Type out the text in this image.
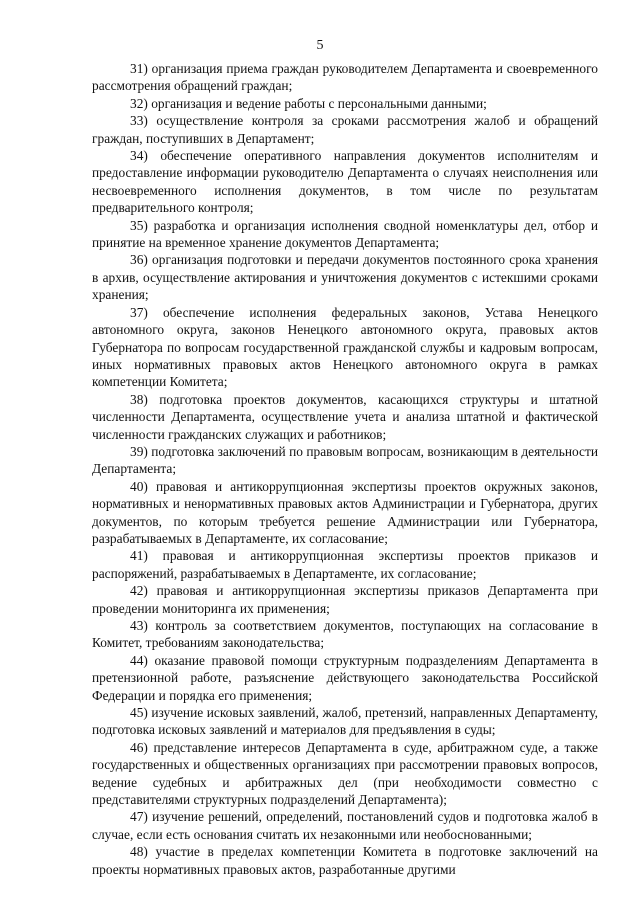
5

31) организация приема граждан руководителем Департамента и своевременного рассмотрения обращений граждан;

32) организация и ведение работы с персональными данными;

33) осуществление контроля за сроками рассмотрения жалоб и обращений граждан, поступивших в Департамент;

34) обеспечение оперативного направления документов исполнителям и предоставление информации руководителю Департамента о случаях неисполнения или несвоевременного исполнения документов, в том числе по результатам предварительного контроля;

35) разработка и организация исполнения сводной номенклатуры дел, отбор и принятие на временное хранение документов Департамента;

36) организация подготовки и передачи документов постоянного срока хранения в архив, осуществление актирования и уничтожения документов с истекшими сроками хранения;

37) обеспечение исполнения федеральных законов, Устава Ненецкого автономного округа, законов Ненецкого автономного округа, правовых актов Губернатора по вопросам государственной гражданской службы и кадровым вопросам, иных нормативных правовых актов Ненецкого автономного округа в рамках компетенции Комитета;

38) подготовка проектов документов, касающихся структуры и штатной численности Департамента, осуществление учета и анализа штатной и фактической численности гражданских служащих и работников;

39) подготовка заключений по правовым вопросам, возникающим в деятельности Департамента;

40) правовая и антикоррупционная экспертизы проектов окружных законов, нормативных и ненормативных правовых актов Администрации и Губернатора, других документов, по которым требуется решение Администрации или Губернатора, разрабатываемых в Департаменте, их согласование;

41) правовая и антикоррупционная экспертизы проектов приказов и распоряжений, разрабатываемых в Департаменте, их согласование;

42) правовая и антикоррупционная экспертизы приказов Департамента при проведении мониторинга их применения;

43) контроль за соответствием документов, поступающих на согласование в Комитет, требованиям законодательства;

44) оказание правовой помощи структурным подразделениям Департамента в претензионной работе, разъяснение действующего законодательства Российской Федерации и порядка его применения;

45) изучение исковых заявлений, жалоб, претензий, направленных Департаменту, подготовка исковых заявлений и материалов для предъявления в суды;

46) представление интересов Департамента в суде, арбитражном суде, а также государственных и общественных организациях при рассмотрении правовых вопросов, ведение судебных и арбитражных дел (при необходимости совместно с представителями структурных подразделений Департамента);

47) изучение решений, определений, постановлений судов и подготовка жалоб в случае, если есть основания считать их незаконными или необоснованными;

48) участие в пределах компетенции Комитета в подготовке заключений на проекты нормативных правовых актов, разработанные другими
